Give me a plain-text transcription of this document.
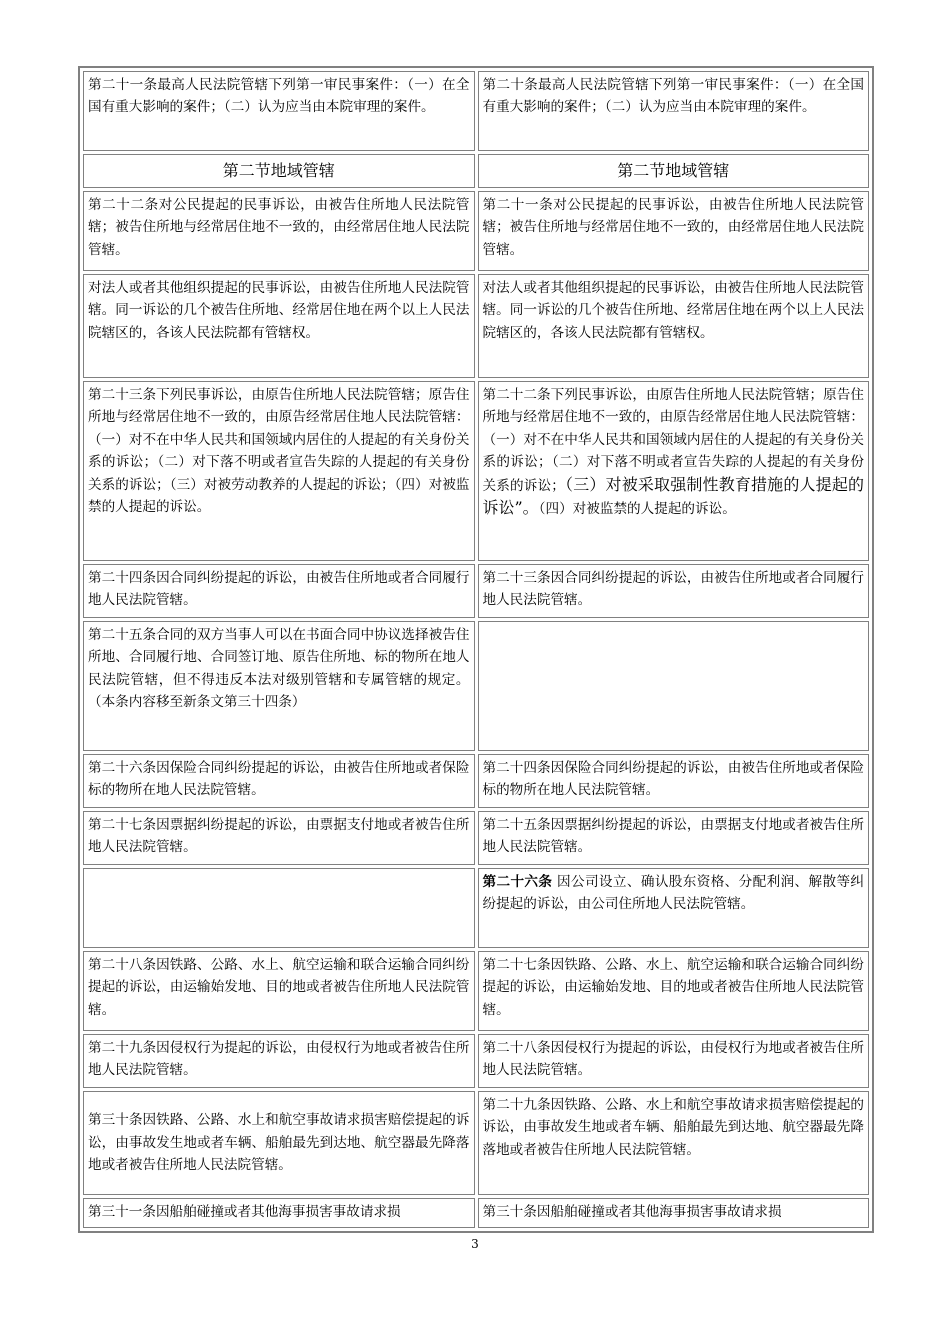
第二十一条最高人民法院管辖下列第一审民事案件：（一）在全国有重大影响的案件；（二）认为应当由本院审理的案件。	第二十条最高人民法院管辖下列第一审民事案件：（一）在全国有重大影响的案件；（二）认为应当由本院审理的案件。
第二节地域管辖	第二节地域管辖
第二十二条对公民提起的民事诉讼，由被告住所地人民法院管辖；被告住所地与经常居住地不一致的，由经常居住地人民法院管辖。	第二十一条对公民提起的民事诉讼，由被告住所地人民法院管辖；被告住所地与经常居住地不一致的，由经常居住地人民法院管辖。
对法人或者其他组织提起的民事诉讼，由被告住所地人民法院管辖。同一诉讼的几个被告住所地、经常居住地在两个以上人民法院辖区的，各该人民法院都有管辖权。	对法人或者其他组织提起的民事诉讼，由被告住所地人民法院管辖。同一诉讼的几个被告住所地、经常居住地在两个以上人民法院辖区的，各该人民法院都有管辖权。
第二十三条下列民事诉讼，由原告住所地人民法院管辖；原告住所地与经常居住地不一致的，由原告经常居住地人民法院管辖：（一）对不在中华人民共和国领域内居住的人提起的有关身份关系的诉讼；（二）对下落不明或者宣告失踪的人提起的有关身份关系的诉讼；（三）对被劳动教养的人提起的诉讼；（四）对被监禁的人提起的诉讼。	第二十二条下列民事诉讼，由原告住所地人民法院管辖；原告住所地与经常居住地不一致的，由原告经常居住地人民法院管辖：（一）对不在中华人民共和国领域内居住的人提起的有关身份关系的诉讼；（二）对下落不明或者宣告失踪的人提起的有关身份关系的诉讼；（三）对被采取强制性教育措施的人提起的诉讼”。（四）对被监禁的人提起的诉讼。
第二十四条因合同纠纷提起的诉讼，由被告住所地或者合同履行地人民法院管辖。	第二十三条因合同纠纷提起的诉讼，由被告住所地或者合同履行地人民法院管辖。
第二十五条合同的双方当事人可以在书面合同中协议选择被告住所地、合同履行地、合同签订地、原告住所地、标的物所在地人民法院管辖，但不得违反本法对级别管辖和专属管辖的规定。（本条内容移至新条文第三十四条）	
第二十六条因保险合同纠纷提起的诉讼，由被告住所地或者保险标的物所在地人民法院管辖。	第二十四条因保险合同纠纷提起的诉讼，由被告住所地或者保险标的物所在地人民法院管辖。
第二十七条因票据纠纷提起的诉讼，由票据支付地或者被告住所地人民法院管辖。	第二十五条因票据纠纷提起的诉讼，由票据支付地或者被告住所地人民法院管辖。
	第二十六条 因公司设立、确认股东资格、分配利润、解散等纠纷提起的诉讼，由公司住所地人民法院管辖。
第二十八条因铁路、公路、水上、航空运输和联合运输合同纠纷提起的诉讼，由运输始发地、目的地或者被告住所地人民法院管辖。	第二十七条因铁路、公路、水上、航空运输和联合运输合同纠纷提起的诉讼，由运输始发地、目的地或者被告住所地人民法院管辖。
第二十九条因侵权行为提起的诉讼，由侵权行为地或者被告住所地人民法院管辖。	第二十八条因侵权行为提起的诉讼，由侵权行为地或者被告住所地人民法院管辖。
第三十条因铁路、公路、水上和航空事故请求损害赔偿提起的诉讼，由事故发生地或者车辆、船舶最先到达地、航空器最先降落地或者被告住所地人民法院管辖。	第二十九条因铁路、公路、水上和航空事故请求损害赔偿提起的诉讼，由事故发生地或者车辆、船舶最先到达地、航空器最先降落地或者被告住所地人民法院管辖。
第三十一条因船舶碰撞或者其他海事损害事故请求损	第三十条因船舶碰撞或者其他海事损害事故请求损
3
